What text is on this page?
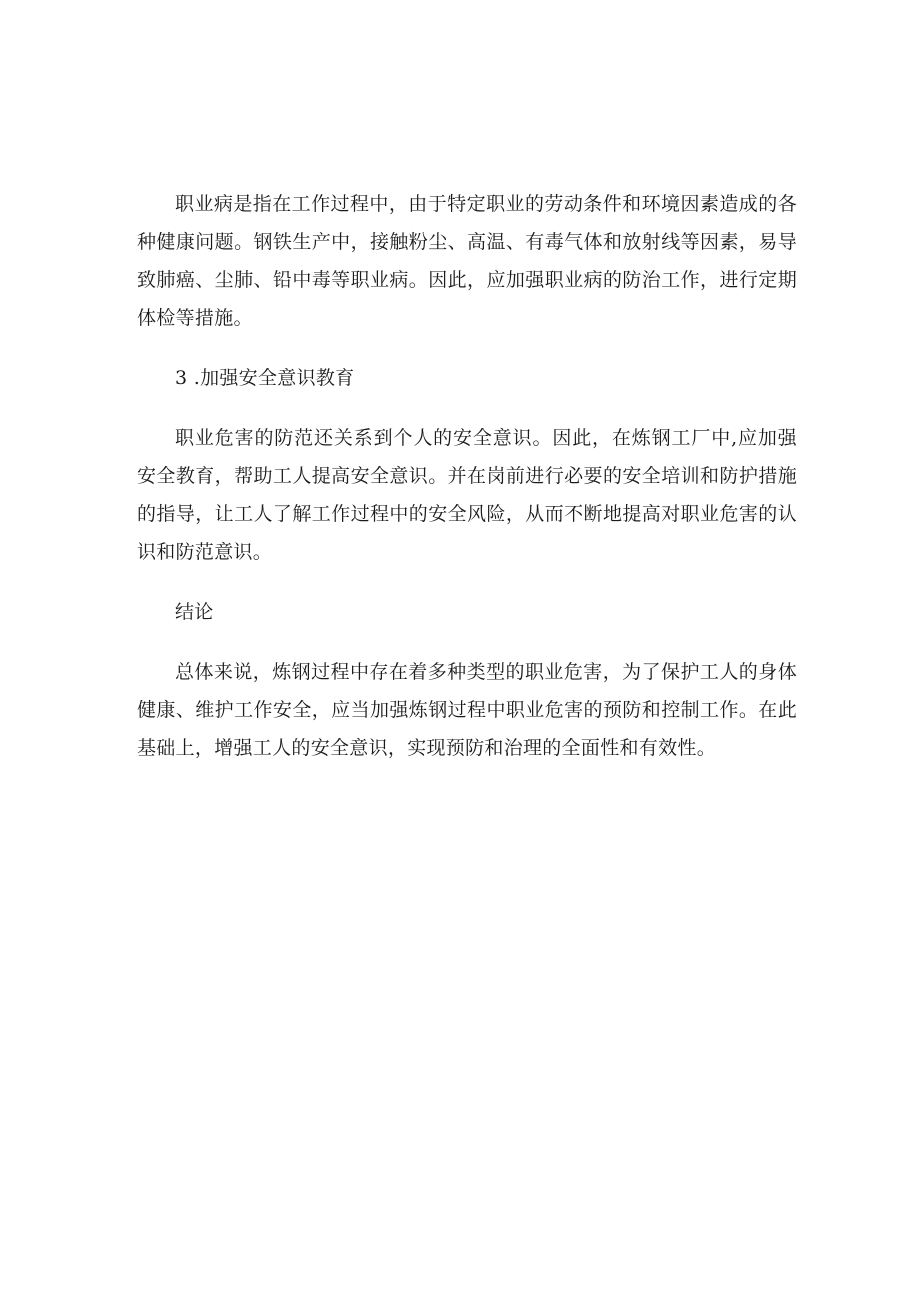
职业病是指在工作过程中，由于特定职业的劳动条件和环境因素造成的各种健康问题。钢铁生产中，接触粉尘、高温、有毒气体和放射线等因素，易导致肺癌、尘肺、铅中毒等职业病。因此，应加强职业病的防治工作，进行定期体检等措施。

3 .加强安全意识教育

职业危害的防范还关系到个人的安全意识。因此，在炼钢工厂中,应加强安全教育，帮助工人提高安全意识。并在岗前进行必要的安全培训和防护措施的指导，让工人了解工作过程中的安全风险，从而不断地提高对职业危害的认识和防范意识。

结论

总体来说，炼钢过程中存在着多种类型的职业危害，为了保护工人的身体健康、维护工作安全，应当加强炼钢过程中职业危害的预防和控制工作。在此基础上，增强工人的安全意识，实现预防和治理的全面性和有效性。
